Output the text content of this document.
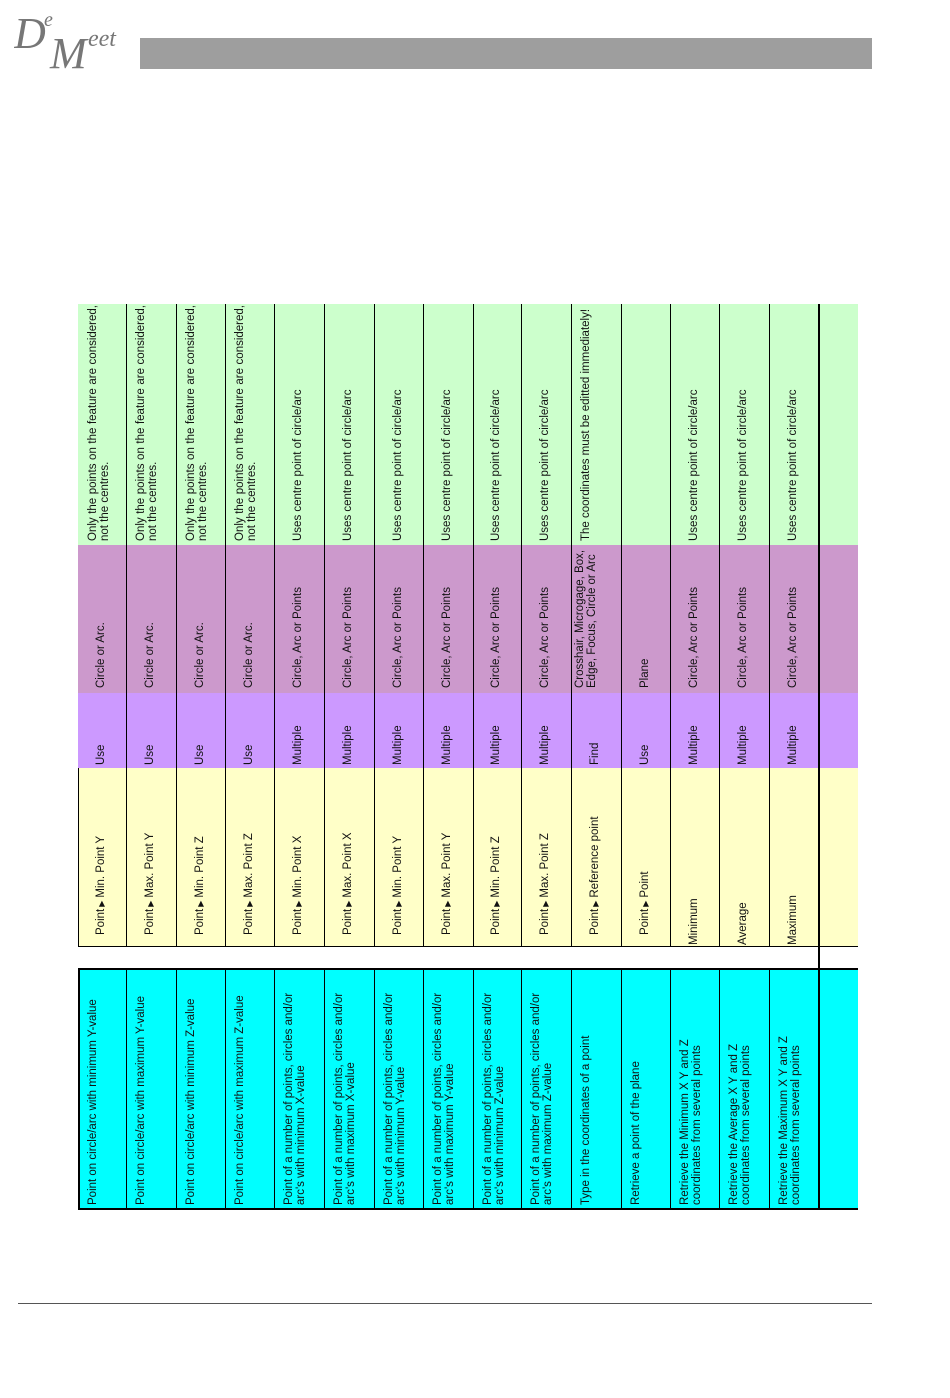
D
e
M eet
Point on circle/arc with minimum Y-value
Point▶Min. Point Y
Use
Circle or Arc.
Only the points on the feature are considered, not the centres.
Point on circle/arc with maximum Y-value
Point▶Max. Point Y
Use
Circle or Arc.
Only the points on the feature are considered, not the centres.
Point on circle/arc with minimum Z-value
Point▶Min. Point Z
Use
Circle or Arc.
Only the points on the feature are considered, not the centres.
Point on circle/arc with maximum Z-value
Point▶Max. Point Z
Use
Circle or Arc.
Only the points on the feature are considered, not the centres.
Point of a number of points, circles and/or arc's with minimum X-value
Point▶Min. Point X
Multiple
Circle, Arc or Points
Uses centre point of circle/arc
Point of a number of points, circles and/or arc's with maximum X-value
Point▶Max. Point X
Multiple
Circle, Arc or Points
Uses centre point of circle/arc
Point of a number of points, circles and/or arc's with minimum Y-value
Point▶Min. Point Y
Multiple
Circle, Arc or Points
Uses centre point of circle/arc
Point of a number of points, circles and/or arc's with maximum Y-value
Point▶Max. Point Y
Multiple
Circle, Arc or Points
Uses centre point of circle/arc
Point of a number of points, circles and/or arc's with minimum Z-value
Point▶Min. Point Z
Multiple
Circle, Arc or Points
Uses centre point of circle/arc
Point of a number of points, circles and/or arc's with maximum Z-value
Point▶Max. Point Z
Multiple
Circle, Arc or Points
Uses centre point of circle/arc
Type in the coordinates of a point
Point▶Reference point
Find
Crosshair, Microgage, Box, Edge, Focus, Circle or Arc
The coordinates must be editted immediately!
Retrieve a point of the plane
Point▶Point
Use
Plane
Retrieve the Minimum X Y and Z coordinates from several points
Minimum
Multiple
Circle, Arc or Points
Uses centre point of circle/arc
Retrieve the Average X Y and Z coordinates from several points
Average
Multiple
Circle, Arc or Points
Uses centre point of circle/arc
Retrieve the Maximum X Y and Z coordinates from several points
Maximum
Multiple
Circle, Arc or Points
Uses centre point of circle/arc
